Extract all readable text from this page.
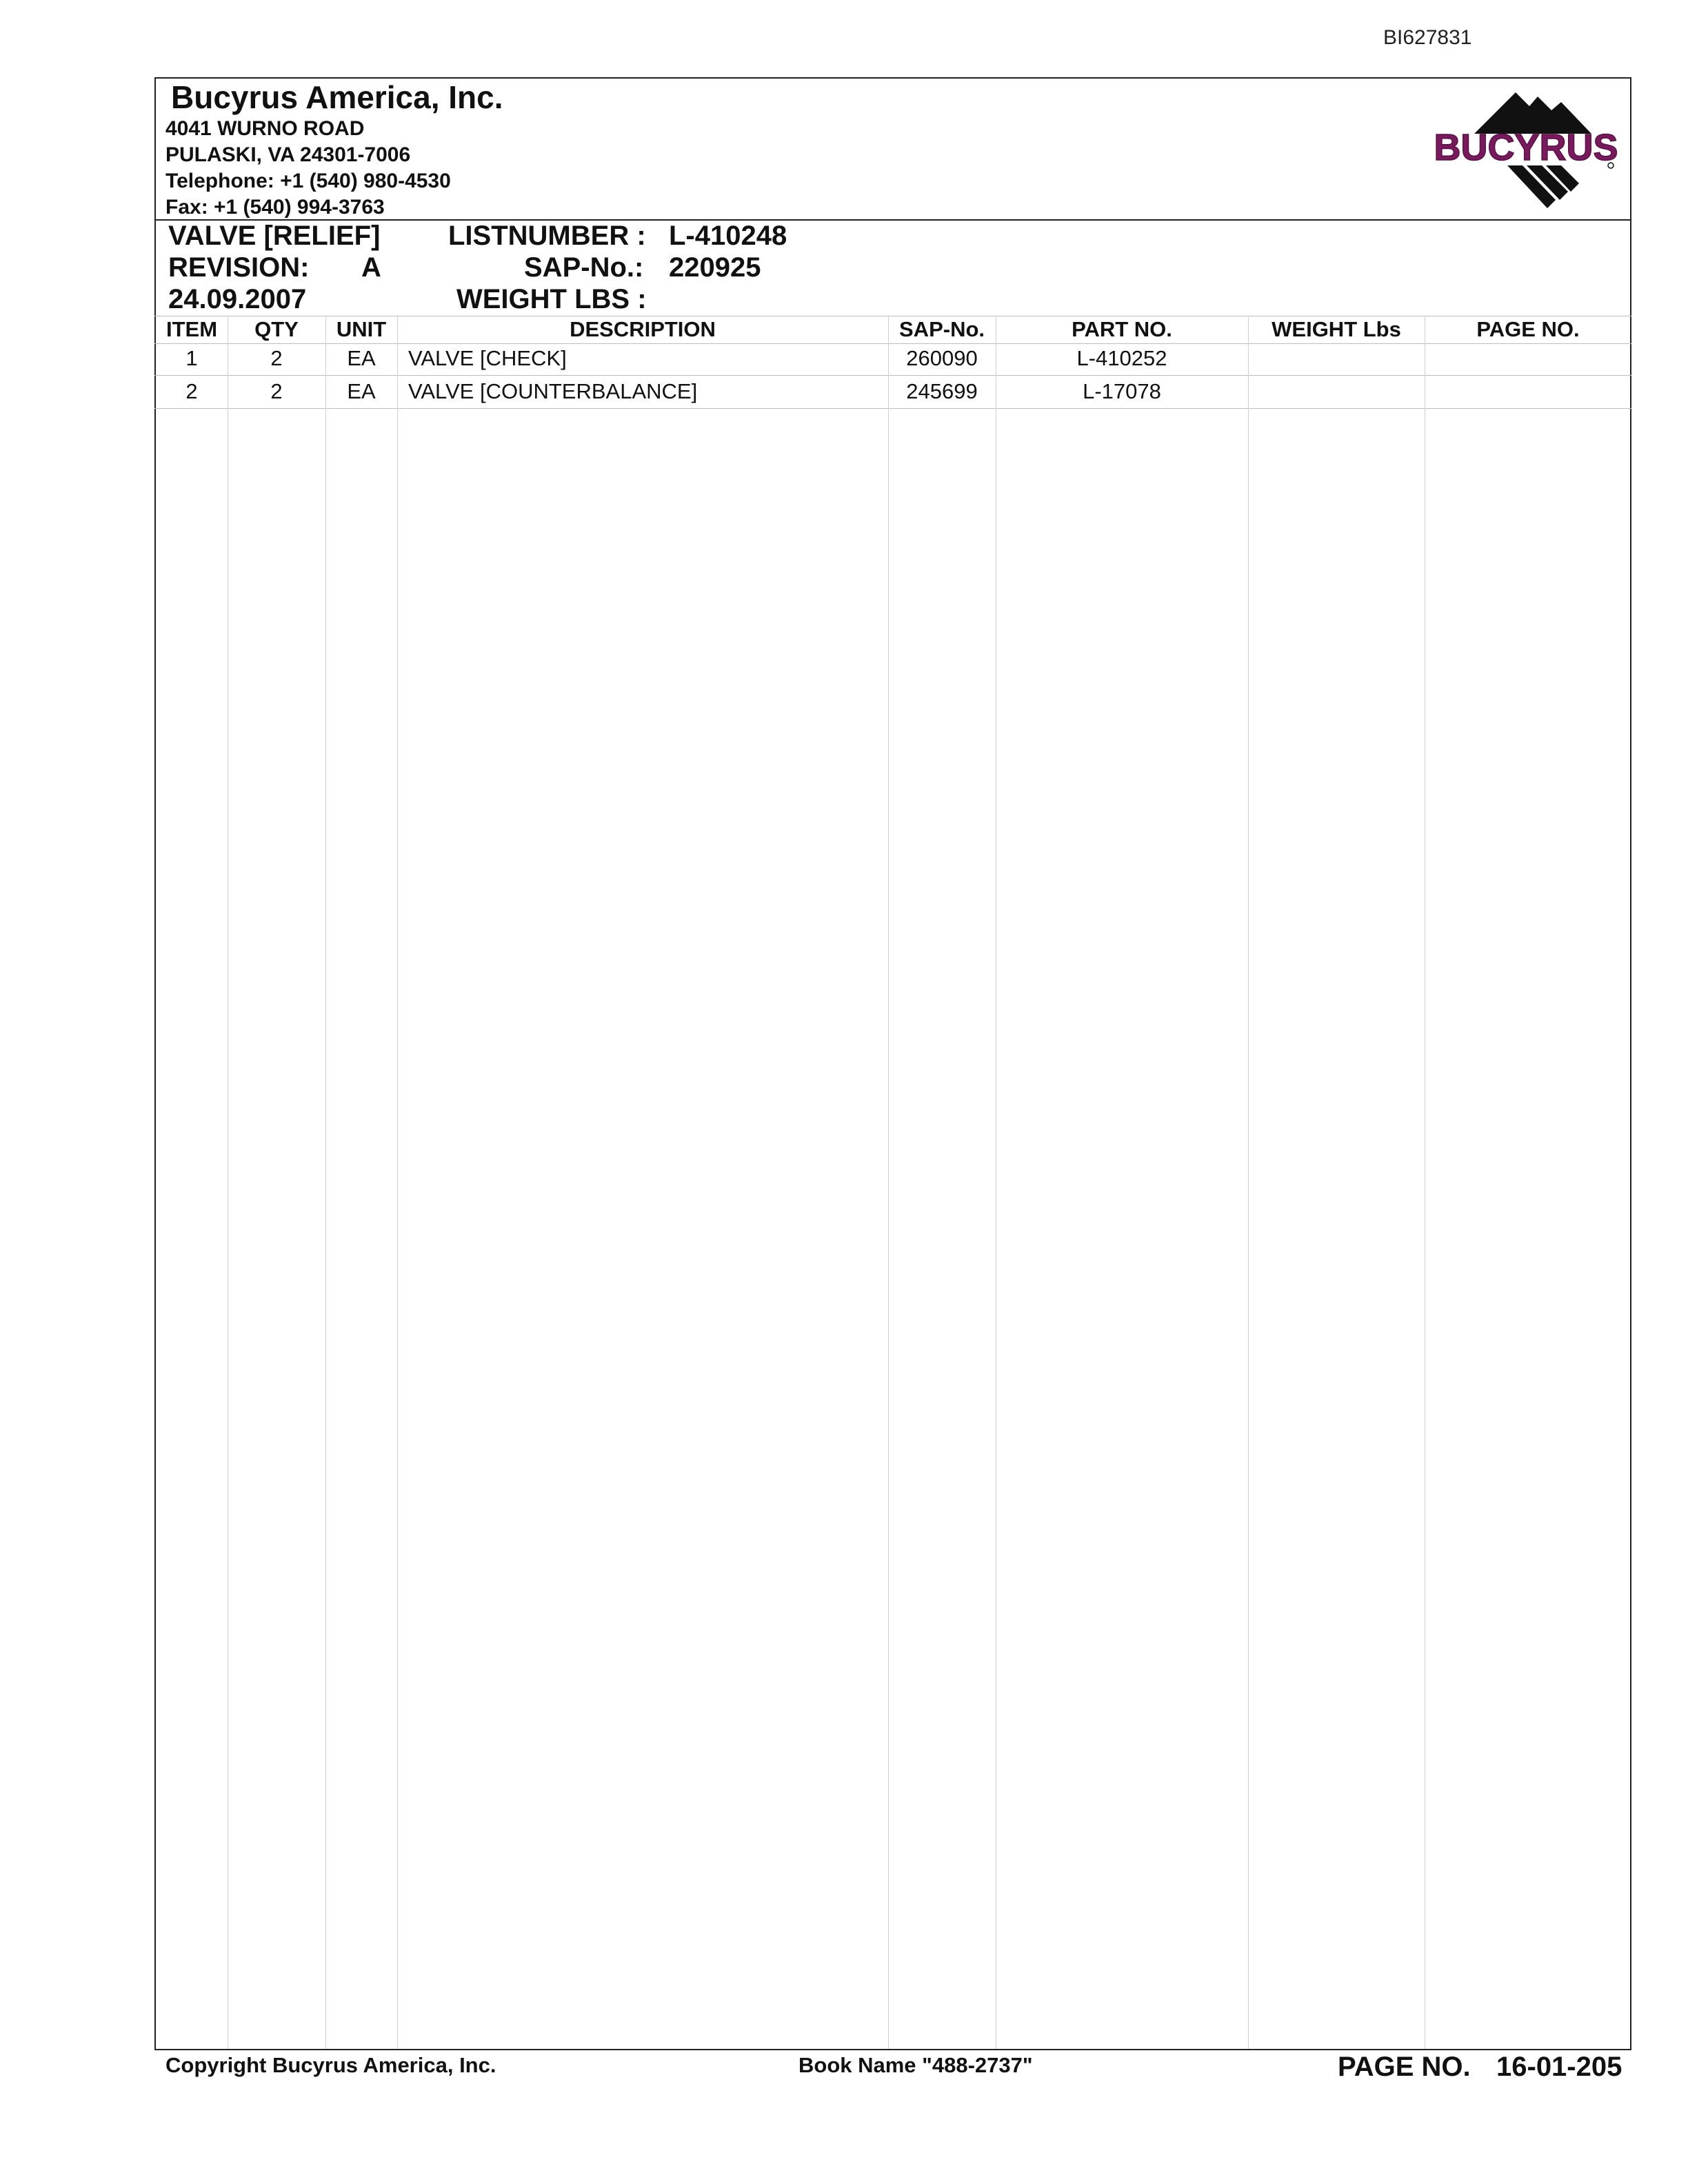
BI627831
Bucyrus America, Inc.
4041 WURNO ROAD
PULASKI, VA 24301-7006
Telephone: +1 (540) 980-4530
Fax: +1 (540) 994-3763
BUCYRUS
VALVE [RELIEF]
REVISION: A
24.09.2007
LISTNUMBER : L-410248
SAP-No.: 220925
WEIGHT LBS :
ITEM	QTY	UNIT	DESCRIPTION	SAP-No.	PART NO.	WEIGHT Lbs	PAGE NO.
1	2	EA	VALVE [CHECK]	260090	L-410252
2	2	EA	VALVE [COUNTERBALANCE]	245699	L-17078
Copyright Bucyrus America, Inc.	Book Name "488-2737"	PAGE NO. 16-01-205
